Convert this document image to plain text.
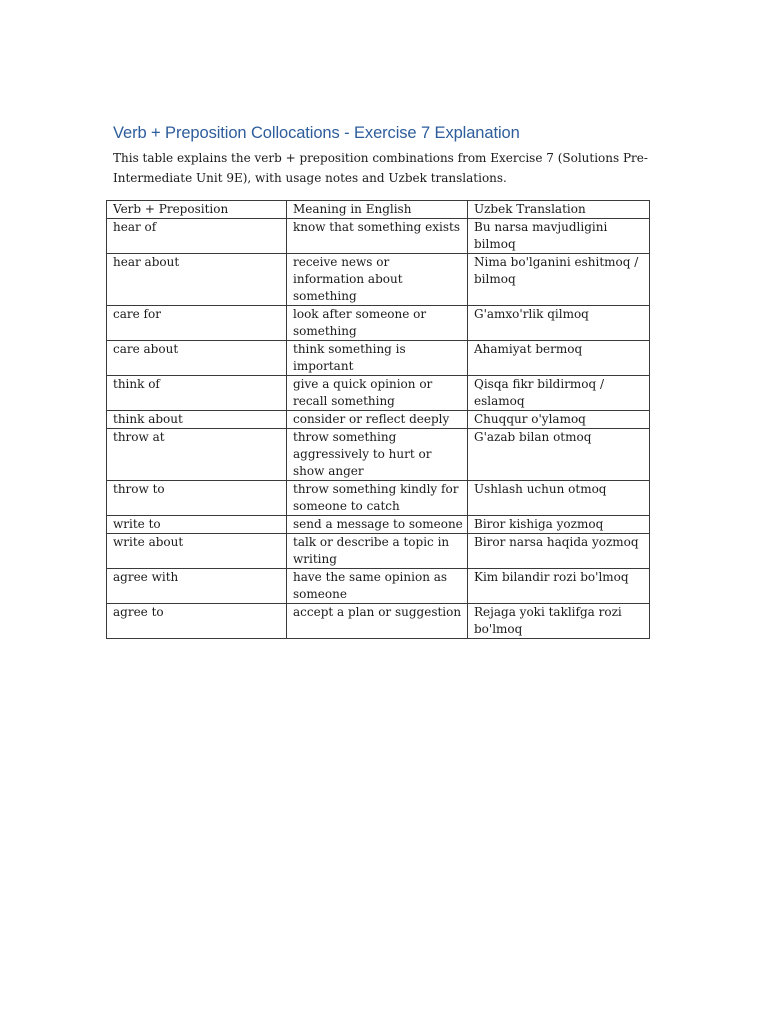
Verb + Preposition Collocations - Exercise 7 Explanation

This table explains the verb + preposition combinations from Exercise 7 (Solutions Pre-Intermediate Unit 9E), with usage notes and Uzbek translations.

Verb + Preposition	Meaning in English	Uzbek Translation
hear of	know that something exists	Bu narsa mavjudligini bilmoq
hear about	receive news or information about something	Nima bo'lganini eshitmoq / bilmoq
care for	look after someone or something	G'amxo'rlik qilmoq
care about	think something is important	Ahamiyat bermoq
think of	give a quick opinion or recall something	Qisqa fikr bildirmoq / eslamoq
think about	consider or reflect deeply	Chuqqur o'ylamoq
throw at	throw something aggressively to hurt or show anger	G'azab bilan otmoq
throw to	throw something kindly for someone to catch	Ushlash uchun otmoq
write to	send a message to someone	Biror kishiga yozmoq
write about	talk or describe a topic in writing	Biror narsa haqida yozmoq
agree with	have the same opinion as someone	Kim bilandir rozi bo'lmoq
agree to	accept a plan or suggestion	Rejaga yoki taklifga rozi bo'lmoq
